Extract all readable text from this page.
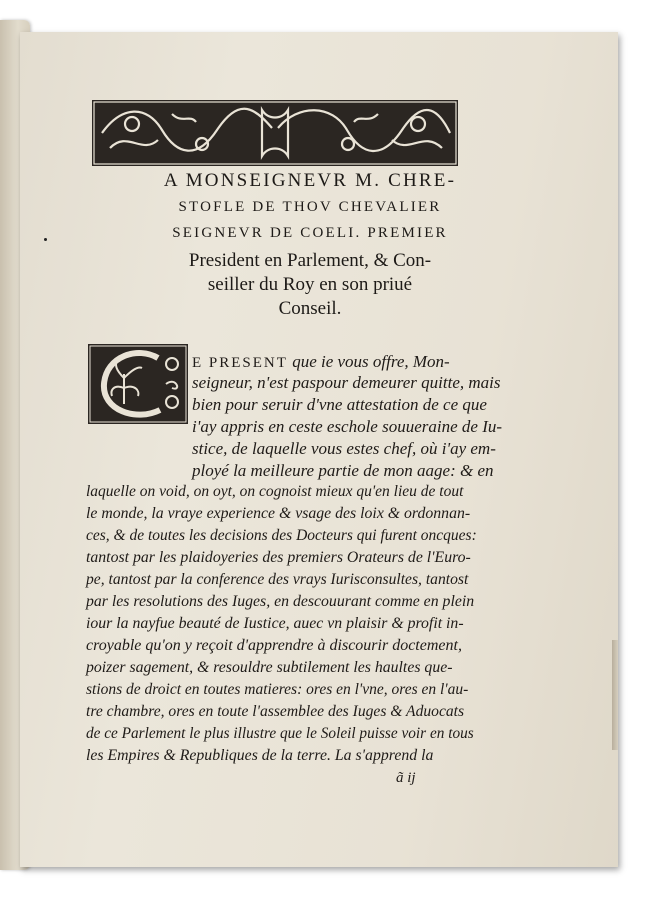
A MONSEIGNEVR M. CHRE-
STOFLE DE THOV CHEVALIER
SEIGNEVR DE COELI. PREMIER
President en Parlement, & Con-
seiller du Roy en son priué
Conseil.
E PRESENT que ie vous offre, Mon-
seigneur, n'est paspour demeurer quitte, mais
bien pour seruir d'vne attestation de ce que
i'ay appris en ceste eschole souueraine de Iu-
stice, de laquelle vous estes chef, où i'ay em-
ployé la meilleure partie de mon aage: & en
laquelle on void, on oyt, on cognoist mieux qu'en lieu de tout
le monde, la vraye experience & vsage des loix & ordonnan-
ces, & de toutes les decisions des Docteurs qui furent oncques:
tantost par les plaidoyeries des premiers Orateurs de l'Euro-
pe, tantost par la conference des vrays Iurisconsultes, tantost
par les resolutions des Iuges, en descouurant comme en plein
iour la nayfue beauté de Iustice, auec vn plaisir & profit in-
croyable qu'on y reçoit d'apprendre à discourir doctement,
poizer sagement, & resouldre subtilement les haultes que-
stions de droict en toutes matieres: ores en l'vne, ores en l'au-
tre chambre, ores en toute l'assemblee des Iuges & Aduocats
de ce Parlement le plus illustre que le Soleil puisse voir en tous
les Empires & Republiques de la terre. La s'apprend la
ã ij
